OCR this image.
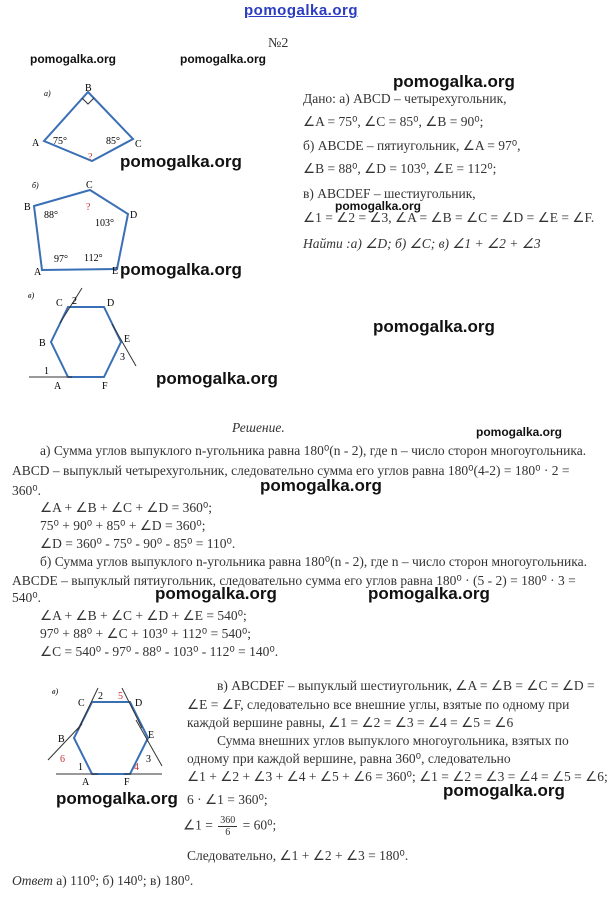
pomogalka.org
№2
pomogalka.org	pomogalka.org
pomogalka.org
Дано: а) ABCD – четырехугольник,
∠A = 75⁰, ∠C = 85⁰, ∠B = 90⁰;
б) ABCDE – пятиугольник, ∠A = 97⁰,
∠B = 88⁰, ∠D = 103⁰, ∠E = 112⁰;
в) ABCDEF – шестиугольник,
pomogalka.org
∠1 = ∠2 = ∠3, ∠A = ∠B = ∠C = ∠D = ∠E = ∠F.
Найти :а) ∠D; б) ∠C; в) ∠1 + ∠2 + ∠3
а)	B
A	C
75°	85°
? pomogalka.org
б)	C
B
D
A	E
88°
103°
97° 112°
?
pomogalka.org
в)
C	D
B	E
A	F
1
2
3
pomogalka.org
pomogalka.org
Решение.	pomogalka.org
а) Сумма углов выпуклого n-угольника равна 180⁰(n - 2), где n – число сторон многоугольника.
ABCD – выпуклый четырехугольник, следовательно сумма его углов равна 180⁰(4-2) = 180⁰ · 2 =
360⁰.	pomogalka.org
∠A + ∠B + ∠C + ∠D = 360⁰;
75⁰ + 90⁰ + 85⁰ + ∠D = 360⁰;
∠D = 360⁰ - 75⁰ - 90⁰ - 85⁰ = 110⁰.
б) Сумма углов выпуклого n-угольника равна 180⁰(n - 2), где n – число сторон многоугольника.
ABCDE – выпуклый пятиугольник, следовательно сумма его углов равна 180⁰ · (5 - 2) = 180⁰ · 3 =
pomogalka.org	pomogalka.org
540⁰.
∠A + ∠B + ∠C + ∠D + ∠E = 540⁰;
97⁰ + 88⁰ + ∠C + 103⁰ + 112⁰ = 540⁰;
∠C = 540⁰ - 97⁰ - 88⁰ - 103⁰ - 112⁰ = 140⁰.
в)
C	D
B	E
A	F
1
2
3
4
5
6
в) ABCDEF – выпуклый шестиугольник, ∠A = ∠B = ∠C = ∠D =
∠E = ∠F, следовательно все внешние углы, взятые по одному при
каждой вершине равны, ∠1 = ∠2 = ∠3 = ∠4 = ∠5 = ∠6
Сумма внешних углов выпуклого многоугольника, взятых по
одному при каждой вершине, равна 360⁰, следовательно
∠1 + ∠2 + ∠3 + ∠4 + ∠5 + ∠6 = 360⁰; ∠1 = ∠2 = ∠3 = ∠4 = ∠5 = ∠6;
pomogalka.org	pomogalka.org
6 · ∠1 = 360⁰;
∠1 = $\frac{360}{6} = 60^0$;
Следовательно, ∠1 + ∠2 + ∠3 = 180⁰.
Ответ а) 110⁰; б) 140⁰; в) 180⁰.
